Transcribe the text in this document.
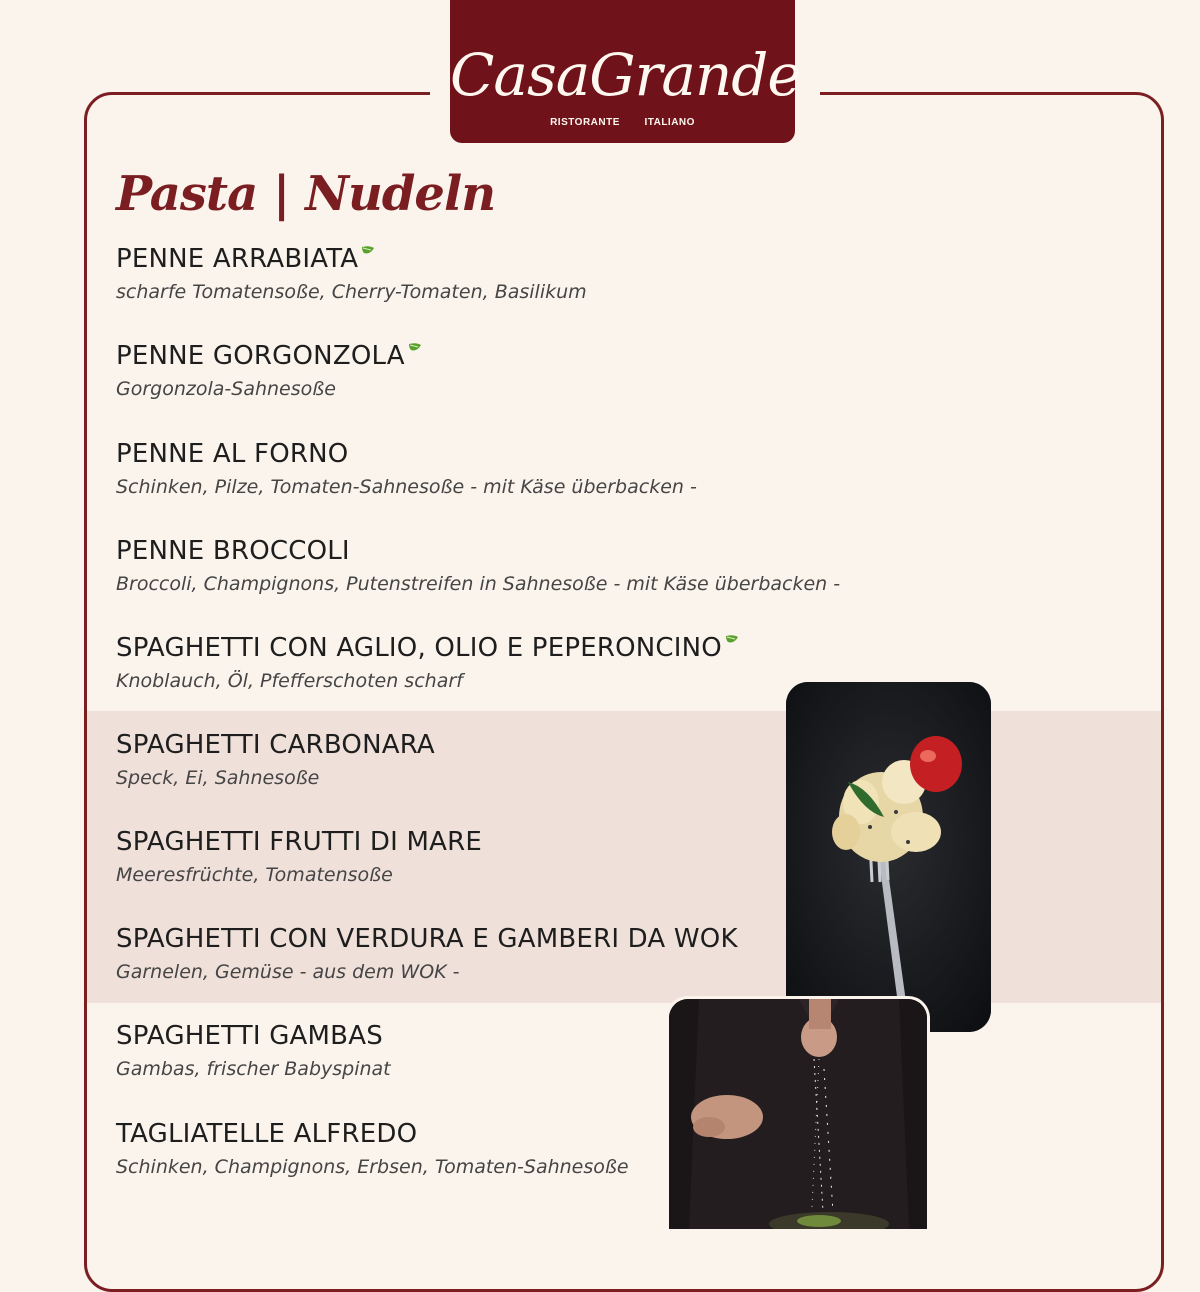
CasaGrande
RISTORANTE ITALIANO
Pasta | Nudeln
PENNE ARRABIATA
scharfe Tomatensoße, Cherry-Tomaten, Basilikum
PENNE GORGONZOLA
Gorgonzola-Sahnesoße
PENNE AL FORNO
Schinken, Pilze, Tomaten-Sahnesoße - mit Käse überbacken -
PENNE BROCCOLI
Broccoli, Champignons, Putenstreifen in Sahnesoße - mit Käse überbacken -
SPAGHETTI CON AGLIO, OLIO E PEPERONCINO
Knoblauch, Öl, Pfefferschoten scharf
SPAGHETTI CARBONARA
Speck, Ei, Sahnesoße
SPAGHETTI FRUTTI DI MARE
Meeresfrüchte, Tomatensoße
SPAGHETTI CON VERDURA E GAMBERI DA WOK
Garnelen, Gemüse - aus dem WOK -
SPAGHETTI GAMBAS
Gambas, frischer Babyspinat
TAGLIATELLE ALFREDO
Schinken, Champignons, Erbsen, Tomaten-Sahnesoße
